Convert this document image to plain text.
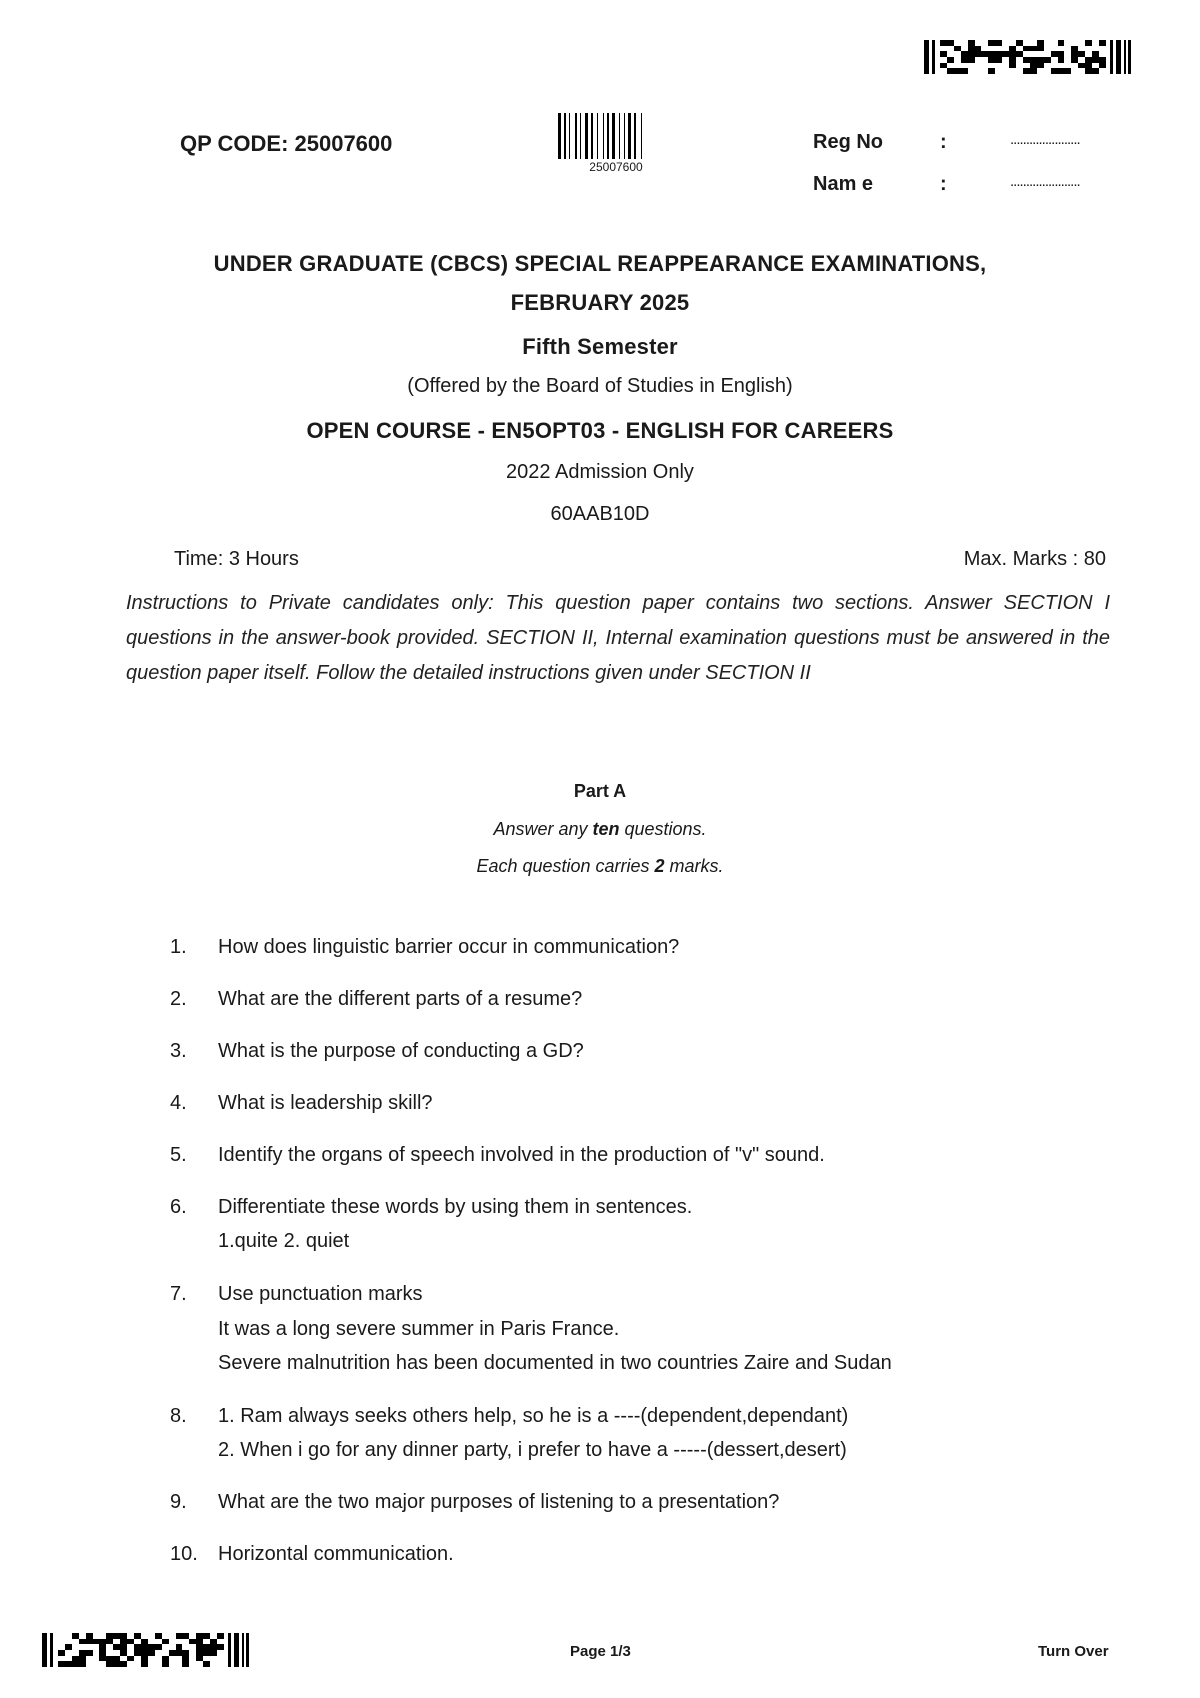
QP CODE: 25007600
25007600
Reg No	:	......................
Nam e	:	......................
UNDER GRADUATE (CBCS) SPECIAL REAPPEARANCE EXAMINATIONS,
FEBRUARY 2025
Fifth Semester
(Offered by the Board of Studies in English)
OPEN COURSE - EN5OPT03 - ENGLISH FOR CAREERS
2022 Admission Only
60AAB10D
Time: 3 Hours	Max. Marks : 80
Instructions to Private candidates only: This question paper contains two sections. Answer SECTION I questions in the answer-book provided. SECTION II, Internal examination questions must be answered in the question paper itself. Follow the detailed instructions given under SECTION II
Part A
Answer any ten questions.
Each question carries 2 marks.
1. How does linguistic barrier occur in communication?
2. What are the different parts of a resume?
3. What is the purpose of conducting a GD?
4. What is leadership skill?
5. Identify the organs of speech involved in the production of "v" sound.
6. Differentiate these words by using them in sentences.
1.quite 2. quiet
7. Use punctuation marks
It was a long severe summer in Paris France.
Severe malnutrition has been documented in two countries Zaire and Sudan
8. 1. Ram always seeks others help, so he is a ----(dependent,dependant)
2. When i go for any dinner party, i prefer to have a -----(dessert,desert)
9. What are the two major purposes of listening to a presentation?
10. Horizontal communication.
Page 1/3	Turn Over
